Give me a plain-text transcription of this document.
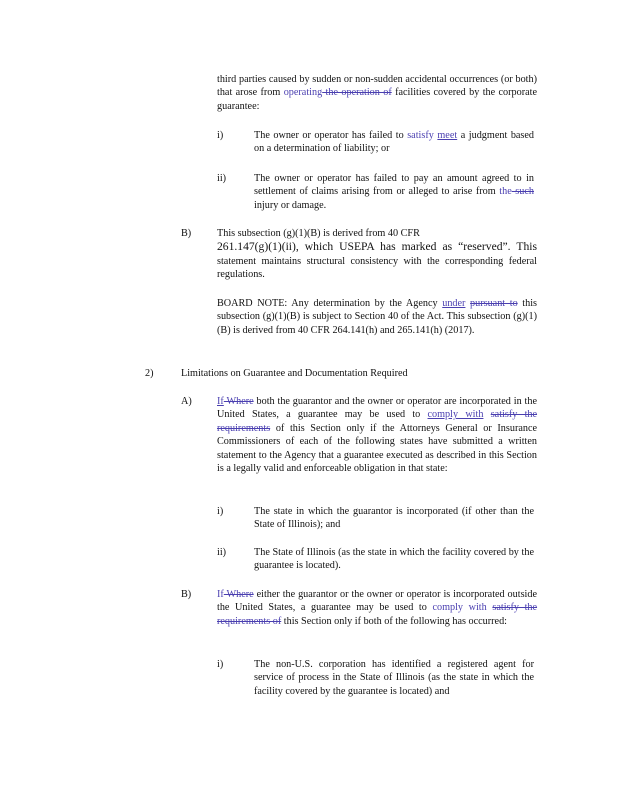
third parties caused by sudden or non-sudden accidental occurrences (or both) that arose from operating the operation of facilities covered by the corporate guarantee:
i)	The owner or operator has failed to satisfy meet a judgment based on a determination of liability; or
ii)	The owner or operator has failed to pay an amount agreed to in settlement of claims arising from or alleged to arise from the such injury or damage.
B)	This subsection (g)(1)(B) is derived from 40 CFR
261.147(g)(1)(ii), which USEPA has marked as “reserved”. This statement maintains structural consistency with the corresponding federal regulations.
BOARD NOTE: Any determination by the Agency under pursuant to this subsection (g)(1)(B) is subject to Section 40 of the Act. This subsection (g)(1)(B) is derived from 40 CFR 264.141(h) and 265.141(h) (2017).
2)	Limitations on Guarantee and Documentation Required
A) If Where both the guarantor and the owner or operator are incorporated in the United States, a guarantee may be used to comply with satisfy the requirements of this Section only if the Attorneys General or Insurance Commissioners of each of the following states have submitted a written statement to the Agency that a guarantee executed as described in this Section is a legally valid and enforceable obligation in that state:
i)	The state in which the guarantor is incorporated (if other than the State of Illinois); and
ii)	The State of Illinois (as the state in which the facility covered by the guarantee is located).
B)	If Where either the guarantor or the owner or operator is incorporated outside the United States, a guarantee may be used to comply with satisfy the requirements of this Section only if both of the following has occurred:
i)	The non-U.S. corporation has identified a registered agent for service of process in the State of Illinois (as the state in which the facility covered by the guarantee is located) and
